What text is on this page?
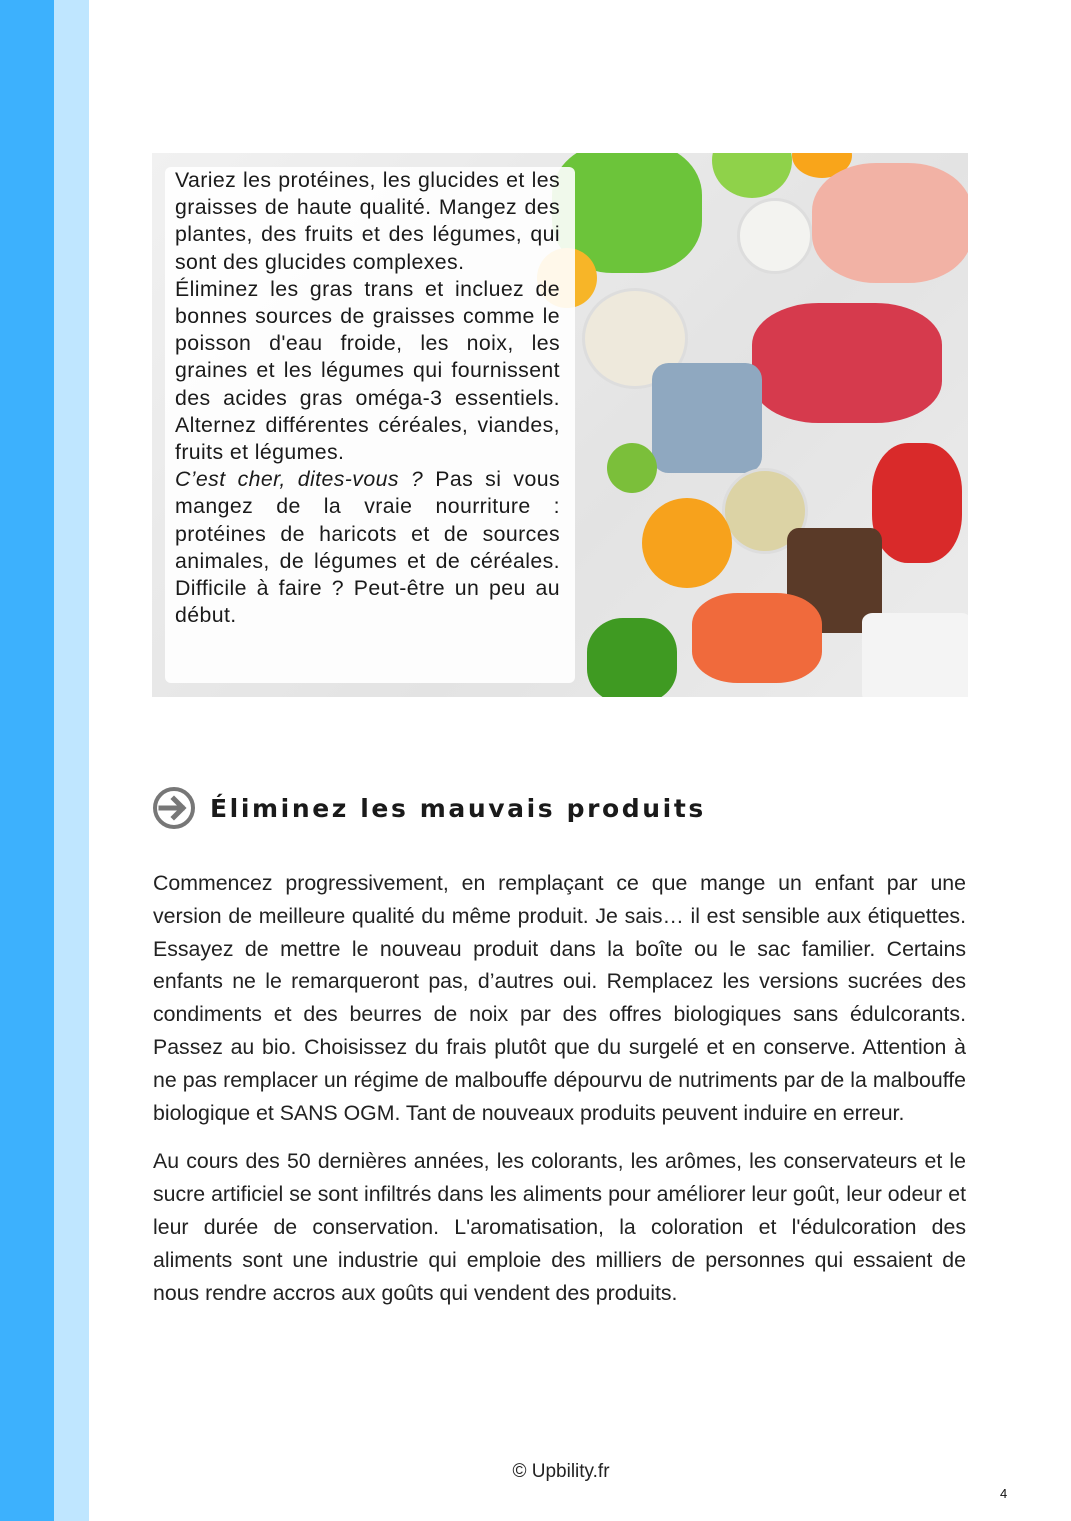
Variez les protéines, les glucides et les graisses de haute qualité. Mangez des plantes, des fruits et des légumes, qui sont des glucides complexes.

Éliminez les gras trans et incluez de bonnes sources de graisses comme le poisson d'eau froide, les noix, les graines et les légumes qui fournissent des acides gras oméga-3 essentiels. Alternez différentes céréales, viandes, fruits et légumes.

C’est cher, dites-vous ? Pas si vous mangez de la vraie nourriture : protéines de haricots et de sources animales, de légumes et de céréales. Difficile à faire ? Peut-être un peu au début.

Éliminez les mauvais produits

Commencez progressivement, en remplaçant ce que mange un enfant par une version de meilleure qualité du même produit. Je sais… il est sensible aux étiquettes. Essayez de mettre le nouveau produit dans la boîte ou le sac familier. Certains enfants ne le remarqueront pas, d’autres oui. Remplacez les versions sucrées des condiments et des beurres de noix par des offres biologiques sans édulcorants. Passez au bio. Choisissez du frais plutôt que du surgelé et en conserve. Attention à ne pas remplacer un régime de malbouffe dépourvu de nutriments par de la malbouffe biologique et SANS OGM. Tant de nouveaux produits peuvent induire en erreur.

Au cours des 50 dernières années, les colorants, les arômes, les conservateurs et le sucre artificiel se sont infiltrés dans les aliments pour améliorer leur goût, leur odeur et leur durée de conservation. L'aromatisation, la coloration et l'édulcoration des aliments sont une industrie qui emploie des milliers de personnes qui essaient de nous rendre accros aux goûts qui vendent des produits.

© Upbility.fr
4
